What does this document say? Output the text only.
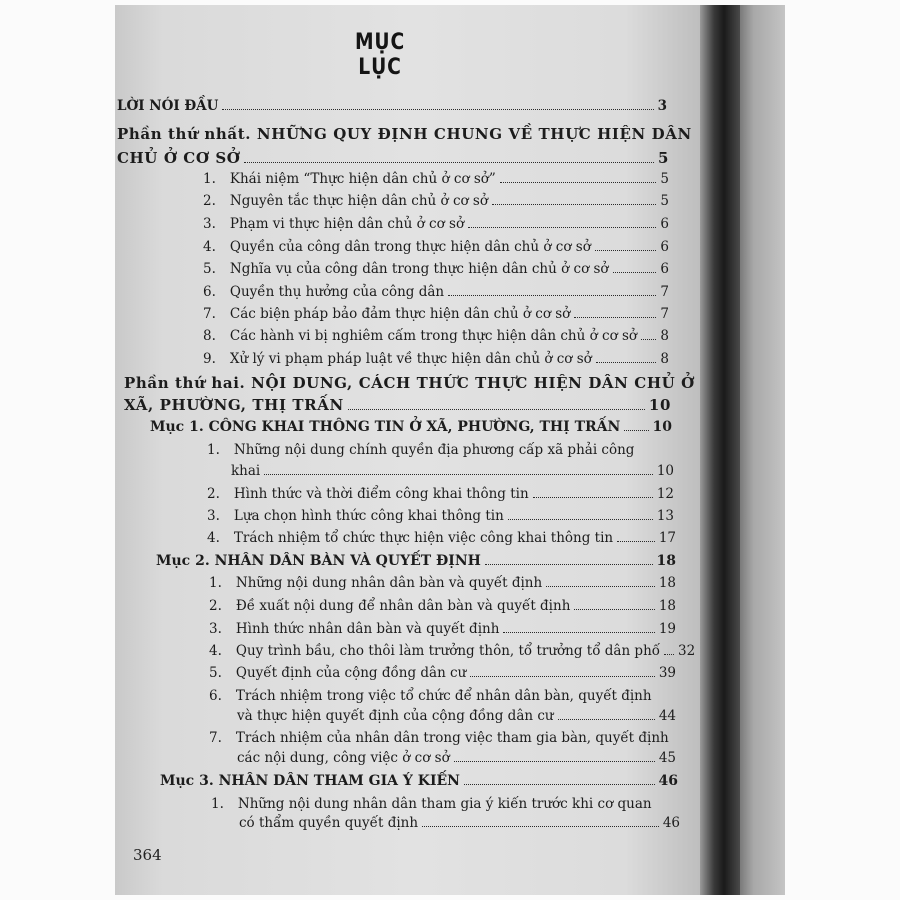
MỤC LỤC
LỜI NÓI ĐẦU	3
Phần thứ nhất. NHỮNG QUY ĐỊNH CHUNG VỀ THỰC HIỆN DÂN
CHỦ Ở CƠ SỞ	5
1. Khái niệm “Thực hiện dân chủ ở cơ sở”	5
2. Nguyên tắc thực hiện dân chủ ở cơ sở	5
3. Phạm vi thực hiện dân chủ ở cơ sở	6
4. Quyền của công dân trong thực hiện dân chủ ở cơ sở	6
5. Nghĩa vụ của công dân trong thực hiện dân chủ ở cơ sở	6
6. Quyền thụ hưởng của công dân	7
7. Các biện pháp bảo đảm thực hiện dân chủ ở cơ sở	7
8. Các hành vi bị nghiêm cấm trong thực hiện dân chủ ở cơ sở 8
9. Xử lý vi phạm pháp luật về thực hiện dân chủ ở cơ sở	8
Phần thứ hai. NỘI DUNG, CÁCH THỨC THỰC HIỆN DÂN CHỦ Ở
XÃ, PHƯỜNG, THỊ TRẤN	10
Mục 1. CÔNG KHAI THÔNG TIN Ở XÃ, PHƯỜNG, THỊ TRẤN 10
1. Những nội dung chính quyền địa phương cấp xã phải công
khai	10
2. Hình thức và thời điểm công khai thông tin	12
3. Lựa chọn hình thức công khai thông tin	13
4. Trách nhiệm tổ chức thực hiện việc công khai thông tin	17
Mục 2. NHÂN DÂN BÀN VÀ QUYẾT ĐỊNH	18
1. Những nội dung nhân dân bàn và quyết định	18
2. Đề xuất nội dung để nhân dân bàn và quyết định	18
3. Hình thức nhân dân bàn và quyết định	19
4. Quy trình bầu, cho thôi làm trưởng thôn, tổ trưởng tổ dân phố 32
5. Quyết định của cộng đồng dân cư	39
6. Trách nhiệm trong việc tổ chức để nhân dân bàn, quyết định
và thực hiện quyết định của cộng đồng dân cư	44
7. Trách nhiệm của nhân dân trong việc tham gia bàn, quyết định
các nội dung, công việc ở cơ sở	45
Mục 3. NHÂN DÂN THAM GIA Ý KIẾN	46
1. Những nội dung nhân dân tham gia ý kiến trước khi cơ quan
có thẩm quyền quyết định	46
364
